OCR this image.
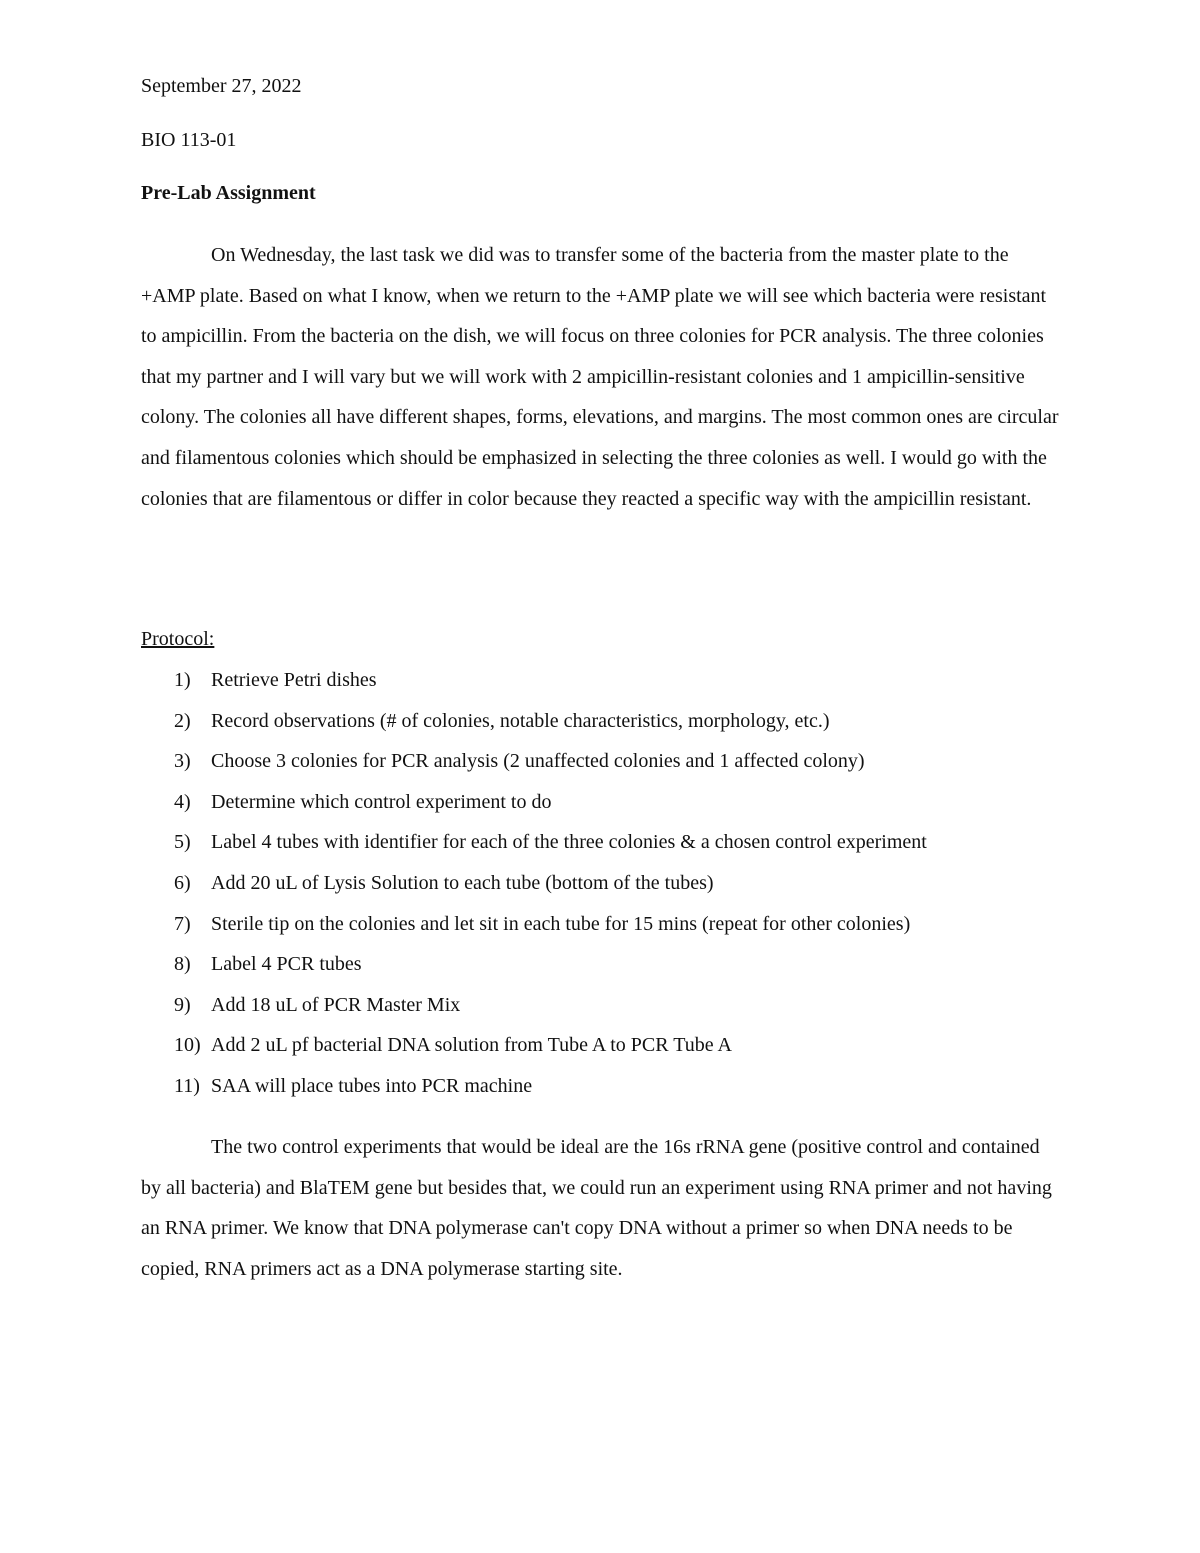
September 27, 2022
BIO 113-01
Pre-Lab Assignment

On Wednesday, the last task we did was to transfer some of the bacteria from the master plate to the +AMP plate. Based on what I know, when we return to the +AMP plate we will see which bacteria were resistant to ampicillin. From the bacteria on the dish, we will focus on three colonies for PCR analysis. The three colonies that my partner and I will vary but we will work with 2 ampicillin-resistant colonies and 1 ampicillin-sensitive colony. The colonies all have different shapes, forms, elevations, and margins. The most common ones are circular and filamentous colonies which should be emphasized in selecting the three colonies as well. I would go with the colonies that are filamentous or differ in color because they reacted a specific way with the ampicillin resistant.

Protocol:
1) Retrieve Petri dishes
2) Record observations (# of colonies, notable characteristics, morphology, etc.)
3) Choose 3 colonies for PCR analysis (2 unaffected colonies and 1 affected colony)
4) Determine which control experiment to do
5) Label 4 tubes with identifier for each of the three colonies & a chosen control experiment
6) Add 20 uL of Lysis Solution to each tube (bottom of the tubes)
7) Sterile tip on the colonies and let sit in each tube for 15 mins (repeat for other colonies)
8) Label 4 PCR tubes
9) Add 18 uL of PCR Master Mix
10) Add 2 uL pf bacterial DNA solution from Tube A to PCR Tube A
11) SAA will place tubes into PCR machine

The two control experiments that would be ideal are the 16s rRNA gene (positive control and contained by all bacteria) and BlaTEM gene but besides that, we could run an experiment using RNA primer and not having an RNA primer. We know that DNA polymerase can't copy DNA without a primer so when DNA needs to be copied, RNA primers act as a DNA polymerase starting site.
